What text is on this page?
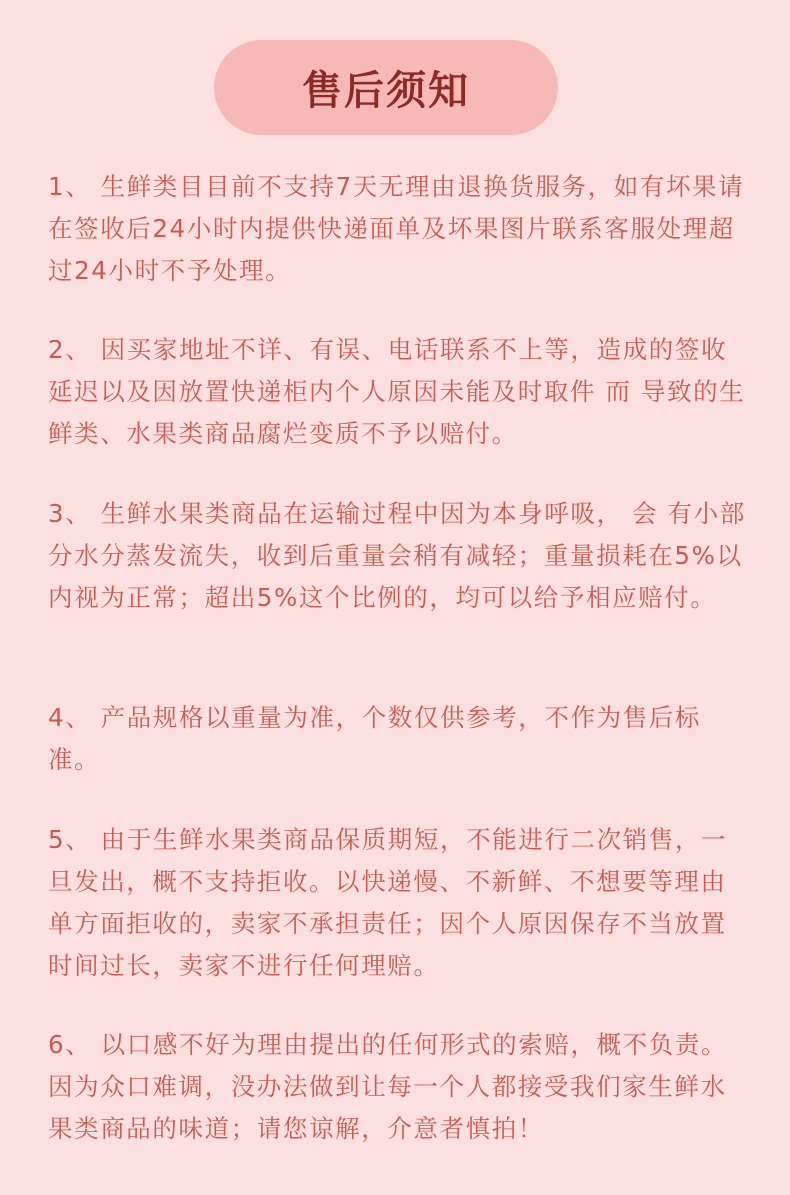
售后须知

1、 生鲜类目目前不支持7天无理由退换货服务，如有坏果请在签收后24小时内提供快递面单及坏果图片联系客服处理超过24小时不予处理。

2、 因买家地址不详、有误、电话联系不上等，造成的签收延迟以及因放置快递柜内个人原因未能及时取件 而 导致的生鲜类、水果类商品腐烂变质不予以赔付。

3、 生鲜水果类商品在运输过程中因为本身呼吸， 会 有小部分水分蒸发流失，收到后重量会稍有减轻；重量损耗在5%以内视为正常；超出5%这个比例的，均可以给予相应赔付。

4、 产品规格以重量为准，个数仅供参考，不作为售后标准。

5、 由于生鲜水果类商品保质期短，不能进行二次销售，一旦发出，概不支持拒收。以快递慢、不新鲜、不想要等理由单方面拒收的，卖家不承担责任；因个人原因保存不当放置时间过长，卖家不进行任何理赔。

6、 以口感不好为理由提出的任何形式的索赔，概不负责。因为众口难调，没办法做到让每一个人都接受我们家生鲜水果类商品的味道；请您谅解，介意者慎拍！
